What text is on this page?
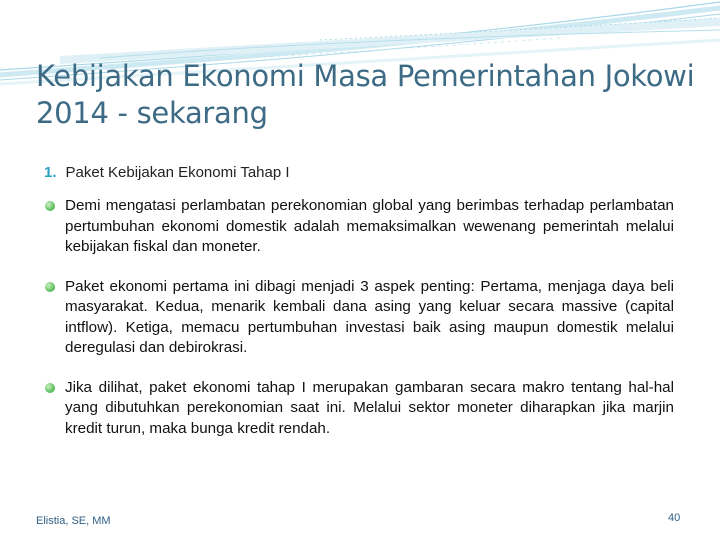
Kebijakan Ekonomi Masa Pemerintahan Jokowi
2014 - sekarang
1. Paket Kebijakan Ekonomi Tahap I
Demi mengatasi perlambatan perekonomian global yang berimbas terhadap perlambatan pertumbuhan ekonomi domestik adalah memaksimalkan wewenang pemerintah melalui kebijakan fiskal dan moneter.
Paket ekonomi pertama ini dibagi menjadi 3 aspek penting: Pertama, menjaga daya beli masyarakat. Kedua, menarik kembali dana asing yang keluar secara massive (capital intflow). Ketiga, memacu pertumbuhan investasi baik asing maupun domestik melalui deregulasi dan debirokrasi.
Jika dilihat, paket ekonomi tahap I merupakan gambaran secara makro tentang hal-hal yang dibutuhkan perekonomian saat ini. Melalui sektor moneter diharapkan jika marjin kredit turun, maka bunga kredit rendah.
Elistia, SE, MM	40
